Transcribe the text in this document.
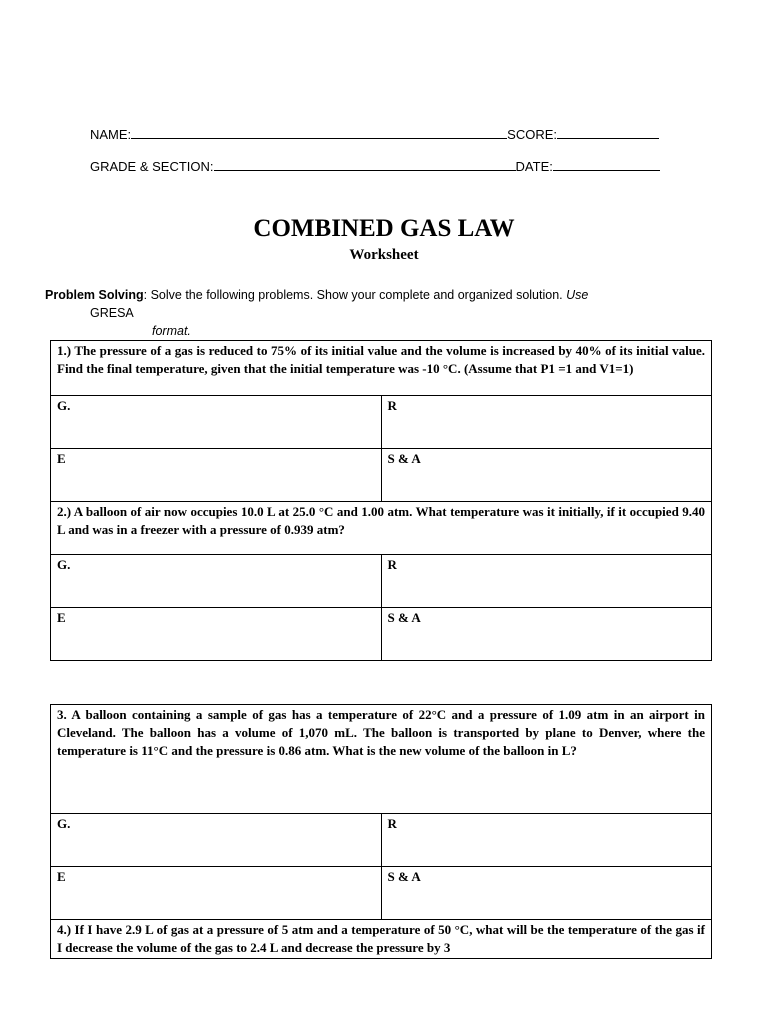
NAME:	SCORE:
GRADE & SECTION:	DATE:
COMBINED GAS LAW
Worksheet
Problem Solving: Solve the following problems. Show your complete and organized solution. Use
GRESA
format.
1.) The pressure of a gas is reduced to 75% of its initial value and the volume is increased by 40% of its initial value. Find the final temperature, given that the initial temperature was -10 °C. (Assume that P1 =1 and V1=1)	
G.	R
E	S & A
2.) A balloon of air now occupies 10.0 L at 25.0 °C and 1.00 atm. What temperature was it initially, if it occupied 9.40 L and was in a freezer with a pressure of 0.939 atm?	
G.	R
E	S & A
3. A balloon containing a sample of gas has a temperature of 22°C and a pressure of 1.09 atm in an airport in Cleveland. The balloon has a volume of 1,070 mL. The balloon is transported by plane to Denver, where the temperature is 11°C and the pressure is 0.86 atm. What is the new volume of the balloon in L?	
G.	R
E	S & A
4.) If I have 2.9 L of gas at a pressure of 5 atm and a temperature of 50 °C, what will be the temperature of the gas if I decrease the volume of the gas to 2.4 L and decrease the pressure by 3	
